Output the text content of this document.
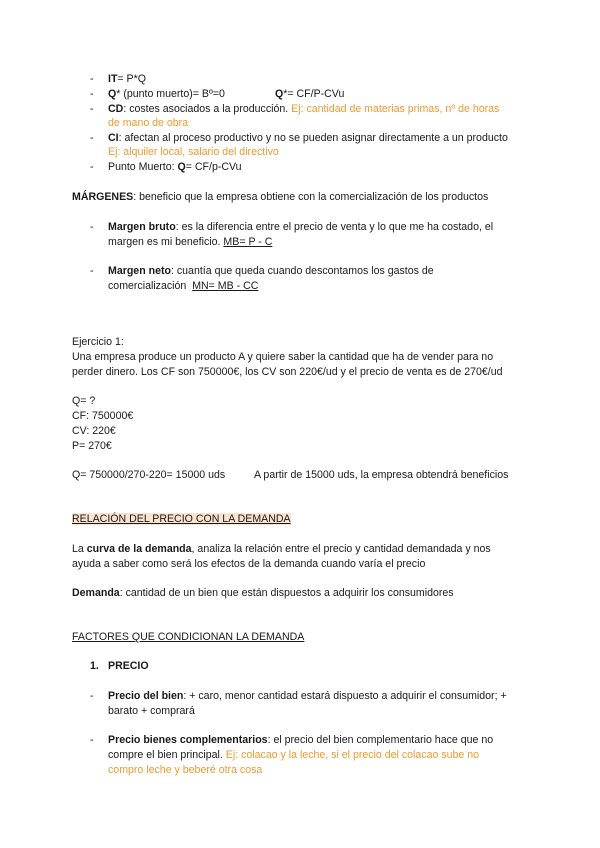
-	IT= P*Q
-	Q* (punto muerto)= Bº=0	Q*= CF/P-CVu
-	CD: costes asociados a la producción. Ej: cantidad de materias primas, nº de horas
de mano de obra
-	CI: afectan al proceso productivo y no se pueden asignar directamente a un producto
Ej: alquiler local, salario del directivo
-	Punto Muerto: Q= CF/p-CVu
MÁRGENES: beneficio que la empresa obtiene con la comercialización de los productos
-	Margen bruto: es la diferencia entre el precio de venta y lo que me ha costado, el
margen es mi beneficio. MB= P - C
-	Margen neto: cuantía que queda cuando descontamos los gastos de
comercialización  MN= MB - CC
Ejercicio 1:
Una empresa produce un producto A y quiere saber la cantidad que ha de vender para no
perder dinero. Los CF son 750000€, los CV son 220€/ud y el precio de venta es de 270€/ud
Q= ?
CF: 750000€
CV: 220€
P= 270€
Q= 750000/270-220= 15000 uds	A partir de 15000 uds, la empresa obtendrá beneficios
RELACIÓN DEL PRECIO CON LA DEMANDA
La curva de la demanda, analiza la relación entre el precio y cantidad demandada y nos
ayuda a saber como será los efectos de la demanda cuando varía el precio
Demanda: cantidad de un bien que están dispuestos a adquirir los consumidores
FACTORES QUE CONDICIONAN LA DEMANDA
1. PRECIO
-	Precio del bien: + caro, menor cantidad estará dispuesto a adquirir el consumidor; +
barato + comprará
-	Precio bienes complementarios: el precio del bien complementario hace que no
compre el bien principal. Ej: colacao y la leche, si el precio del colacao sube no
compro leche y beberé otra cosa
